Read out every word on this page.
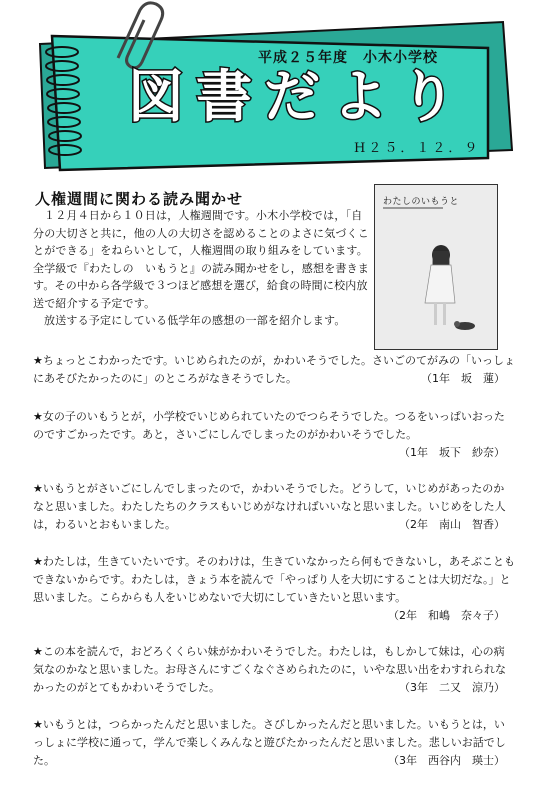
平成２５年度　小木小学校
図書だより
H２５．１２．９
人権週間に関わる読み聞かせ

１２月４日から１０日は，人権週間です。小木小学校では，「自分の大切さと共に，他の人の大切さを認めることのよさに気づくことができる」をねらいとして，人権週間の取り組みをしています。全学級で『わたしの　いもうと』の読み聞かせをし，感想を書きます。その中から各学級で３つほど感想を選び，給食の時間に校内放送で紹介する予定です。
放送する予定にしている低学年の感想の一部を紹介します。

わたしのいもうと
★ちょっとこわかったです。いじめられたのが，かわいそうでした。さいごのてがみの「いっしょにあそびたかったのに」のところがなきそうでした。	（1年　坂　蓮）
★女の子のいもうとが，小学校でいじめられていたのでつらそうでした。つるをいっぱいおったのですごかったです。あと，さいごにしんでしまったのがかわいそうでした。
（1年　坂下　紗奈）
★いもうとがさいごにしんでしまったので，かわいそうでした。どうして，いじめがあったのかなと思いました。わたしたちのクラスもいじめがなければいいなと思いました。いじめをした人は，わるいとおもいました。	（2年　南山　智香）
★わたしは，生きていたいです。そのわけは，生きていなかったら何もできないし，あそぶこともできないからです。わたしは，きょう本を読んで「やっぱり人を大切にすることは大切だな。」と思いました。こらからも人をいじめないで大切にしていきたいと思います。
（2年　和嶋　奈々子）
★この本を読んで，おどろくくらい妹がかわいそうでした。わたしは，もしかして妹は，心の病気なのかなと思いました。お母さんにすごくなぐさめられたのに，いやな思い出をわすれられなかったのがとてもかわいそうでした。	（3年　二又　涼乃）
★いもうとは，つらかったんだと思いました。さびしかったんだと思いました。いもうとは，いっしょに学校に通って，学んで楽しくみんなと遊びたかったんだと思いました。悲しいお話でした。	（3年　西谷内　瑛士）
